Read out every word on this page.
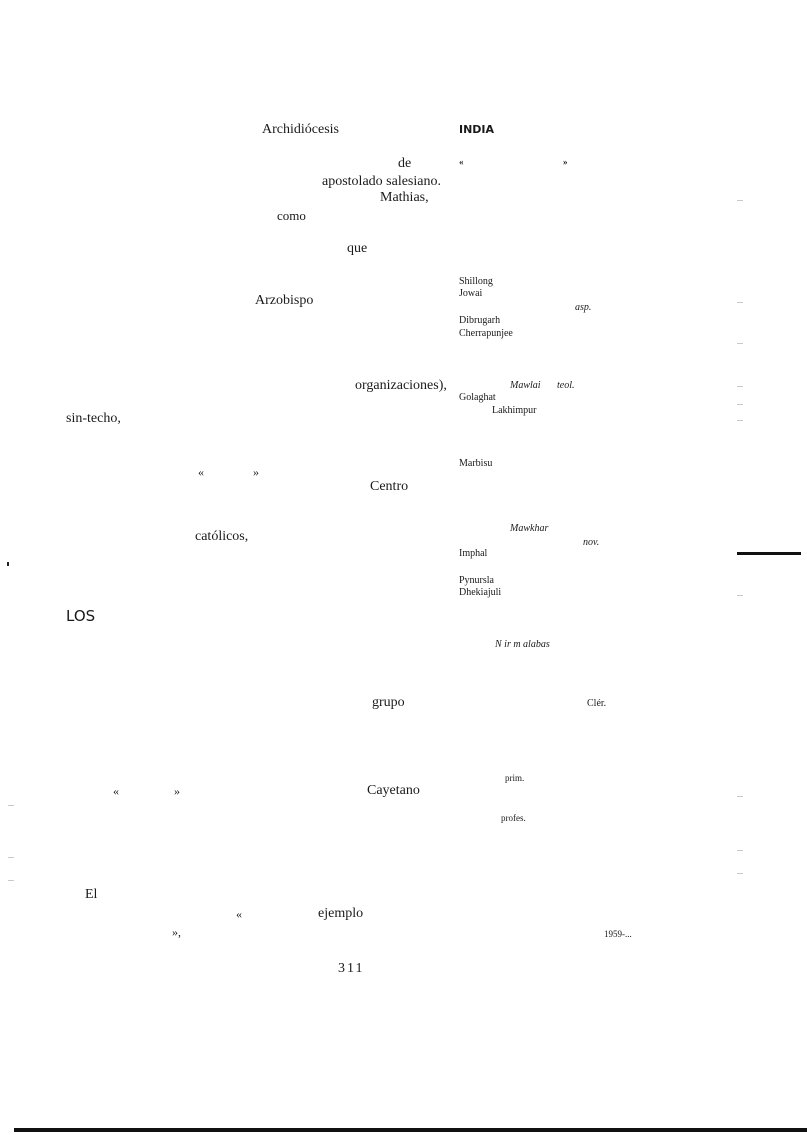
Archidiócesis
de
apostolado salesiano.
Mathias,
como
que
Arzobispo
organizaciones),
sin-techo,
«	»
Centro
católicos,
LOS
grupo
«	»	Cayetano
El
«	ejemplo
»,
INDIA
«	»
Shillong
Jowai
asp.
Dibrugarh
Cherrapunjee
Mawlai teol.
Golaghat
Lakhimpur
Marbisu
Mawkhar
nov.
Imphal
Pynursla
Dhekiajuli
N ir m alabas
Clér.
prim.
profes.
1959-...
311
